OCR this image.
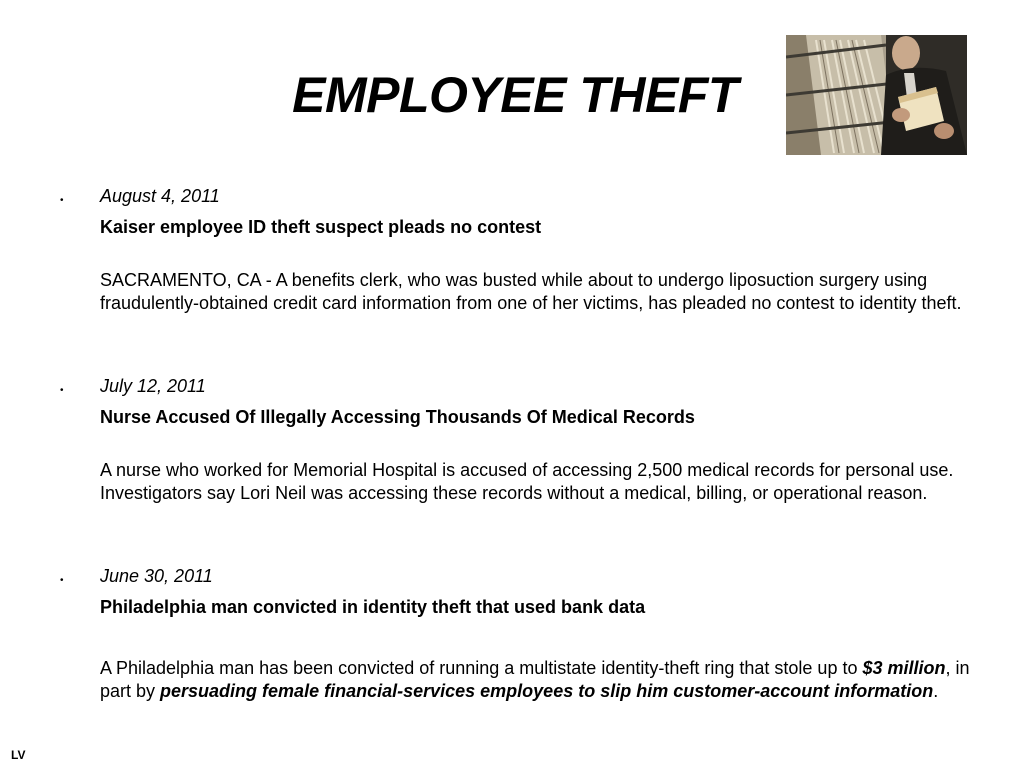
EMPLOYEE THEFT
• August 4, 2011
Kaiser employee ID theft suspect pleads no contest
SACRAMENTO, CA - A benefits clerk, who was busted while about to undergo liposuction surgery using fraudulently-obtained credit card information from one of her victims, has pleaded no contest to identity theft.
• July 12, 2011
Nurse Accused Of Illegally Accessing Thousands Of Medical Records
A nurse who worked for Memorial Hospital is accused of accessing 2,500 medical records for personal use. Investigators say Lori Neil was accessing these records without a medical, billing, or operational reason.
• June 30, 2011
Philadelphia man convicted in identity theft that used bank data
A Philadelphia man has been convicted of running a multistate identity-theft ring that stole up to $3 million, in part by persuading female financial-services employees to slip him customer-account information.
LV
